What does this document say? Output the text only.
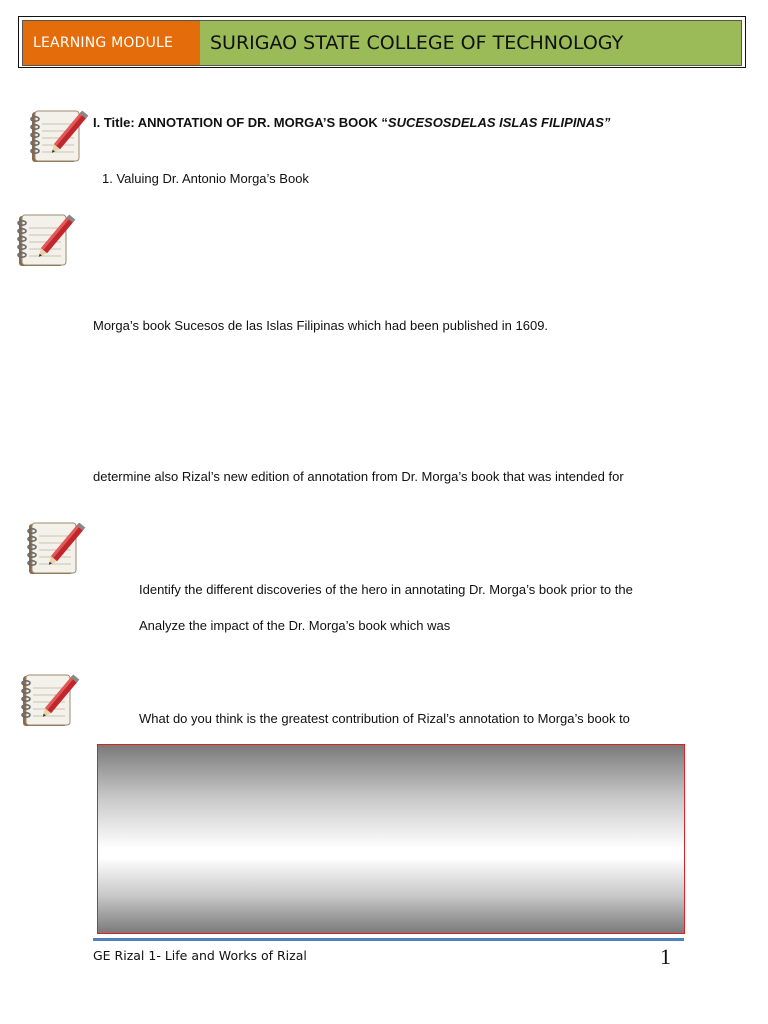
LEARNING MODULE	SURIGAO STATE COLLEGE OF TECHNOLOGY
I. Title: ANNOTATION OF DR. MORGA’S BOOK “SUCESOSDELAS ISLAS FILIPINAS”
1. Valuing Dr. Antonio Morga’s Book
Morga’s book Sucesos de las Islas Filipinas which had been published in 1609.
determine also Rizal’s new edition of annotation from Dr. Morga’s book that was intended for
Identify the different discoveries of the hero in annotating Dr. Morga’s book prior to the
Analyze the impact of the Dr. Morga’s book which was
What do you think is the greatest contribution of Rizal’s annotation to Morga’s book to
GE Rizal 1- Life and Works of Rizal	1
